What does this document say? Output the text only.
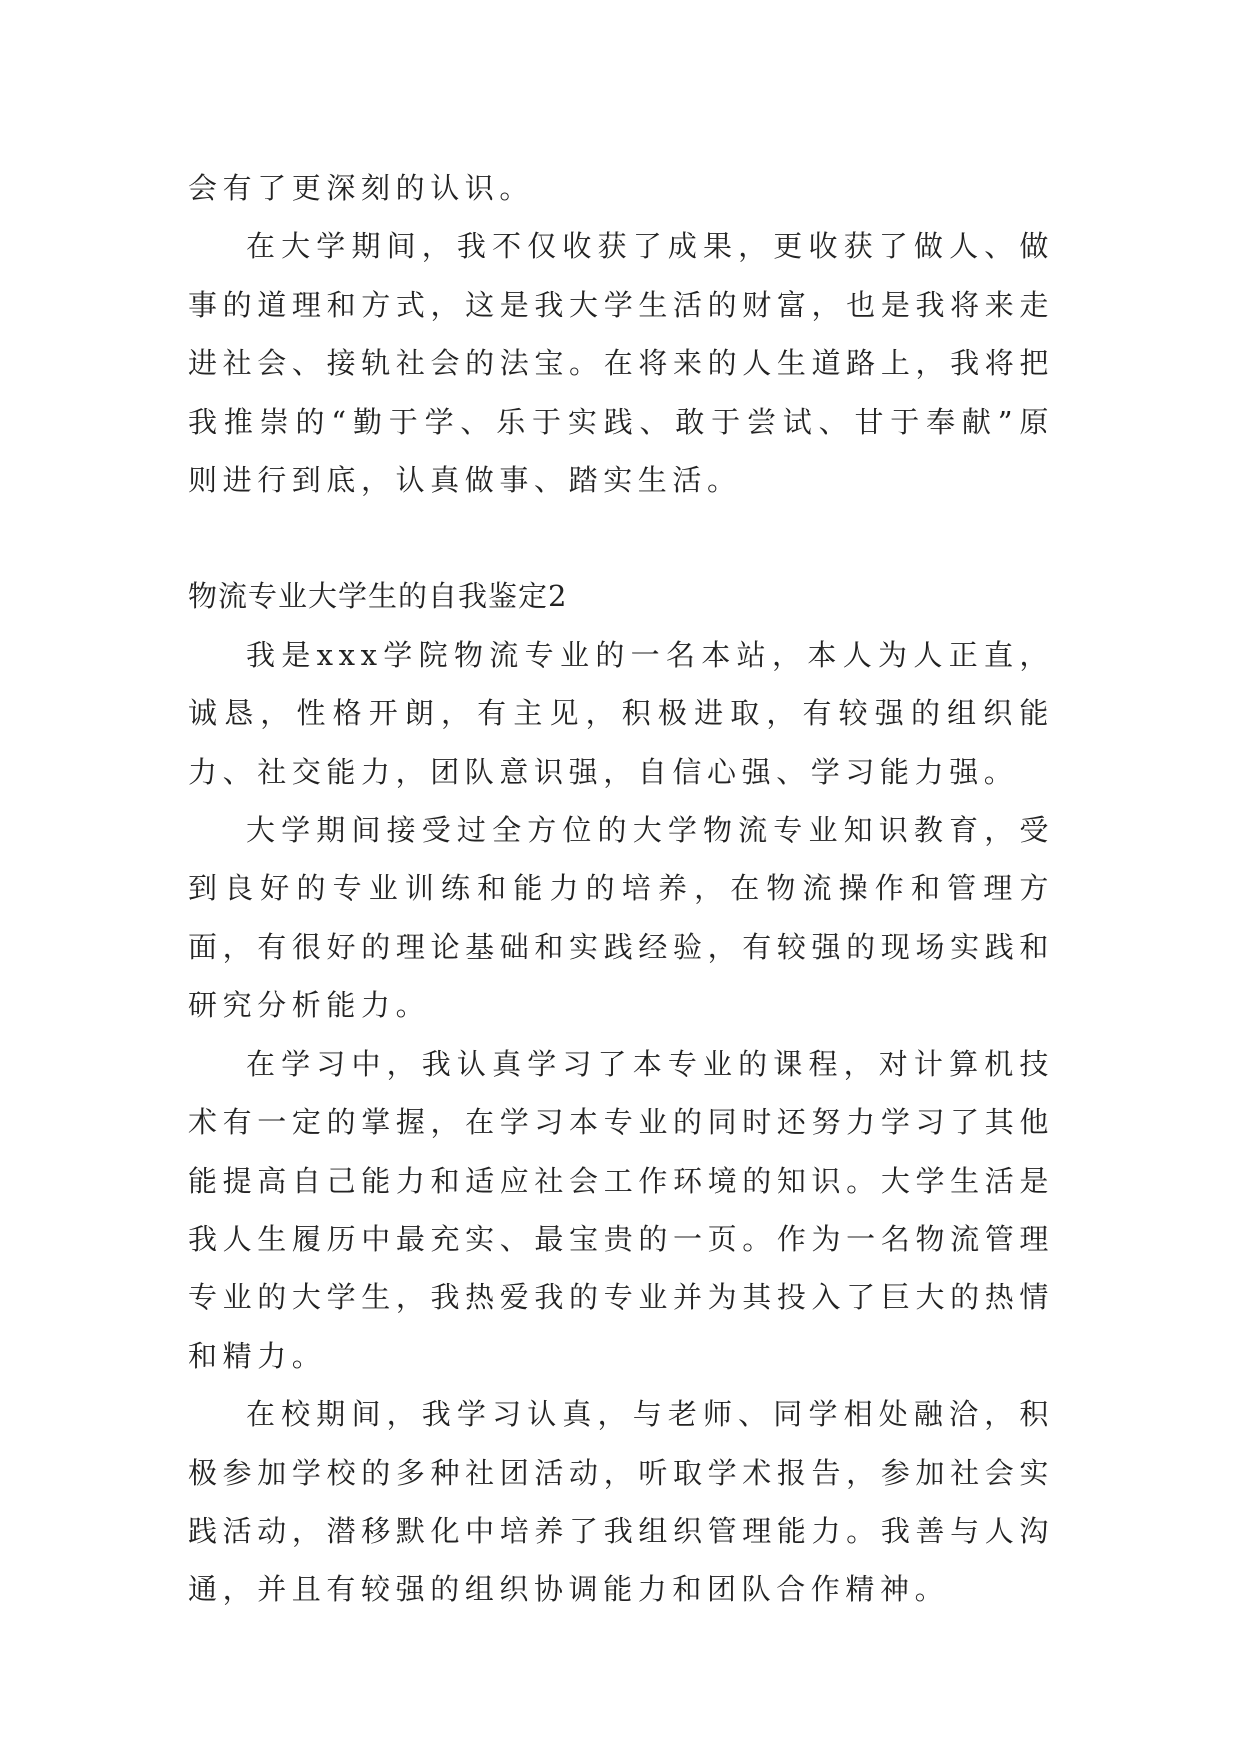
会有了更深刻的认识。

在大学期间，我不仅收获了成果，更收获了做人、做事的道理和方式，这是我大学生活的财富，也是我将来走进社会、接轨社会的法宝。在将来的人生道路上，我将把我推崇的“勤于学、乐于实践、敢于尝试、甘于奉献”原则进行到底，认真做事、踏实生活。

物流专业大学生的自我鉴定2

我是xxx学院物流专业的一名本站，本人为人正直，诚恳，性格开朗，有主见，积极进取，有较强的组织能力、社交能力，团队意识强，自信心强、学习能力强。

大学期间接受过全方位的大学物流专业知识教育，受到良好的专业训练和能力的培养，在物流操作和管理方面，有很好的理论基础和实践经验，有较强的现场实践和研究分析能力。

在学习中，我认真学习了本专业的课程，对计算机技术有一定的掌握，在学习本专业的同时还努力学习了其他能提高自己能力和适应社会工作环境的知识。大学生活是我人生履历中最充实、最宝贵的一页。作为一名物流管理专业的大学生，我热爱我的专业并为其投入了巨大的热情和精力。

在校期间，我学习认真，与老师、同学相处融洽，积极参加学校的多种社团活动，听取学术报告，参加社会实践活动，潜移默化中培养了我组织管理能力。我善与人沟通，并且有较强的组织协调能力和团队合作精神。
